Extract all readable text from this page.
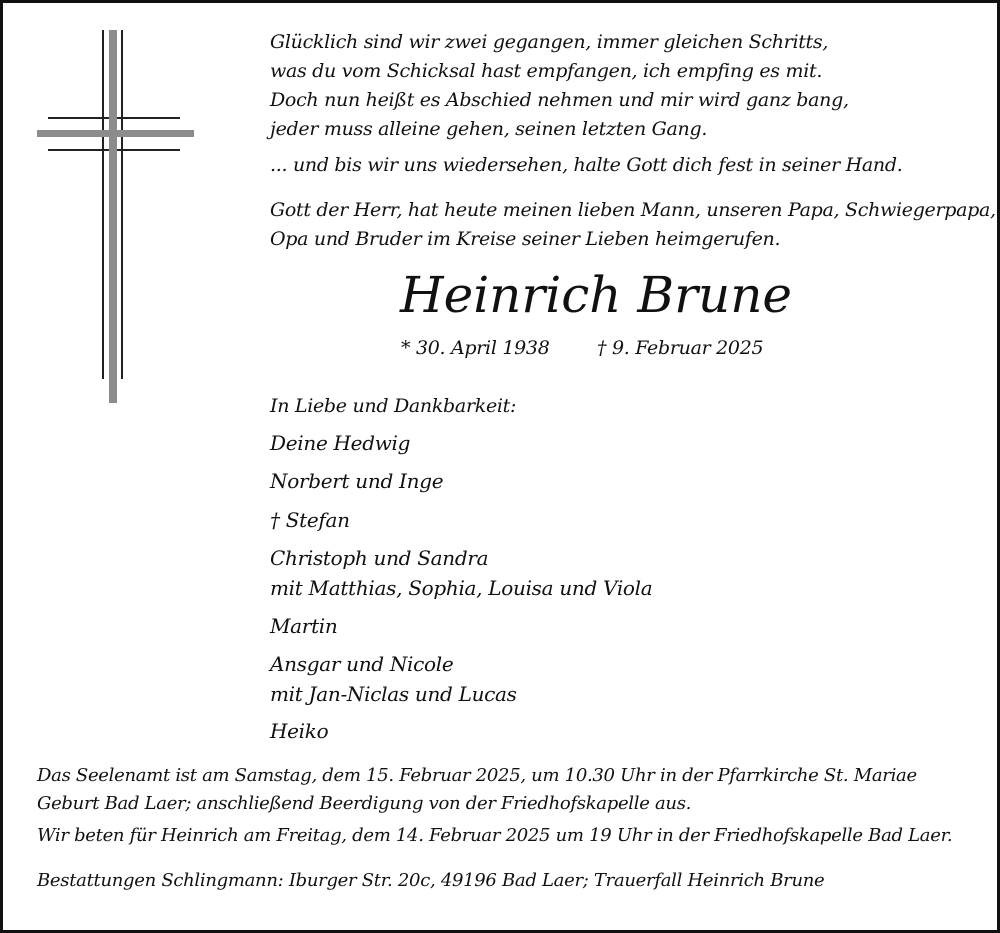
Glücklich sind wir zwei gegangen, immer gleichen Schritts,
was du vom Schicksal hast empfangen, ich empfing es mit.
Doch nun heißt es Abschied nehmen und mir wird ganz bang,
jeder muss alleine gehen, seinen letzten Gang.
... und bis wir uns wiedersehen, halte Gott dich fest in seiner Hand.
Gott der Herr, hat heute meinen lieben Mann, unseren Papa, Schwiegerpapa,
Opa und Bruder im Kreise seiner Lieben heimgerufen.
Heinrich Brune
* 30. April 1938 † 9. Februar 2025
In Liebe und Dankbarkeit:
Deine Hedwig
Norbert und Inge
† Stefan
Christoph und Sandra
mit Matthias, Sophia, Louisa und Viola
Martin
Ansgar und Nicole
mit Jan-Niclas und Lucas
Heiko
Das Seelenamt ist am Samstag, dem 15. Februar 2025, um 10.30 Uhr in der Pfarrkirche St. Mariae
Geburt Bad Laer; anschließend Beerdigung von der Friedhofskapelle aus.
Wir beten für Heinrich am Freitag, dem 14. Februar 2025 um 19 Uhr in der Friedhofskapelle Bad Laer.
Bestattungen Schlingmann: Iburger Str. 20c, 49196 Bad Laer; Trauerfall Heinrich Brune
